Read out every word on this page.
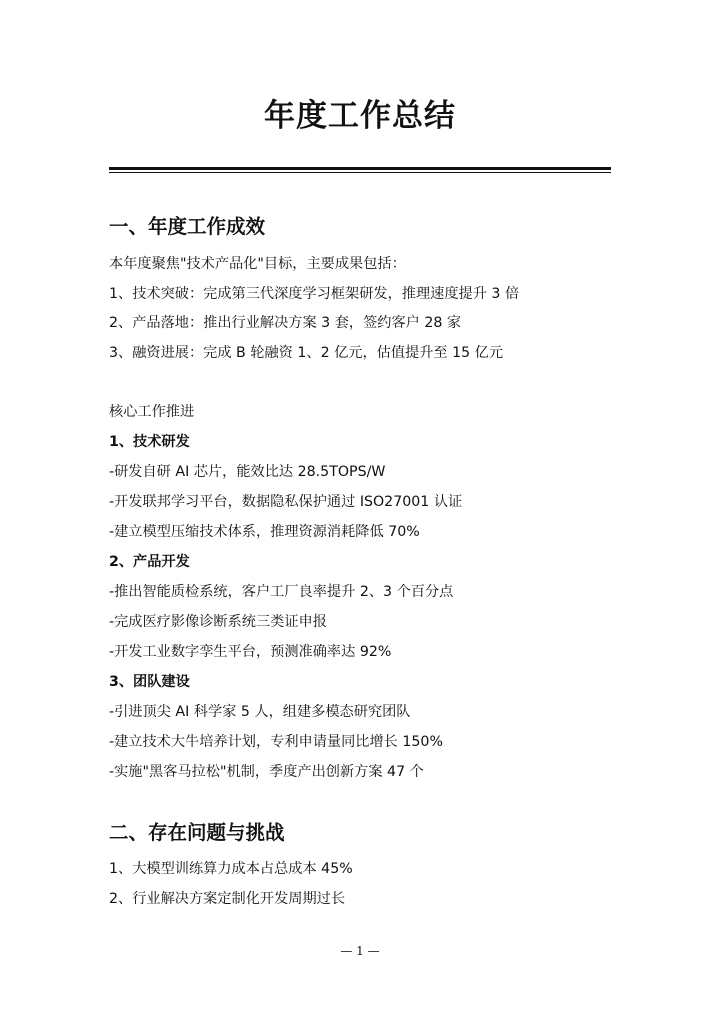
年度工作总结
一、年度工作成效
本年度聚焦"技术产品化"目标，主要成果包括：
1、技术突破：完成第三代深度学习框架研发，推理速度提升 3 倍
2、产品落地：推出行业解决方案 3 套，签约客户 28 家
3、融资进展：完成 B 轮融资 1、2 亿元，估值提升至 15 亿元
核心工作推进
1、技术研发
-研发自研 AI 芯片，能效比达 28.5TOPS/W
-开发联邦学习平台，数据隐私保护通过 ISO27001 认证
-建立模型压缩技术体系，推理资源消耗降低 70%
2、产品开发
-推出智能质检系统，客户工厂良率提升 2、3 个百分点
-完成医疗影像诊断系统三类证申报
-开发工业数字孪生平台，预测准确率达 92%
3、团队建设
-引进顶尖 AI 科学家 5 人，组建多模态研究团队
-建立技术大牛培养计划，专利申请量同比增长 150%
-实施"黑客马拉松"机制，季度产出创新方案 47 个
二、存在问题与挑战
1、大模型训练算力成本占总成本 45%
2、行业解决方案定制化开发周期过长
— 1 —
